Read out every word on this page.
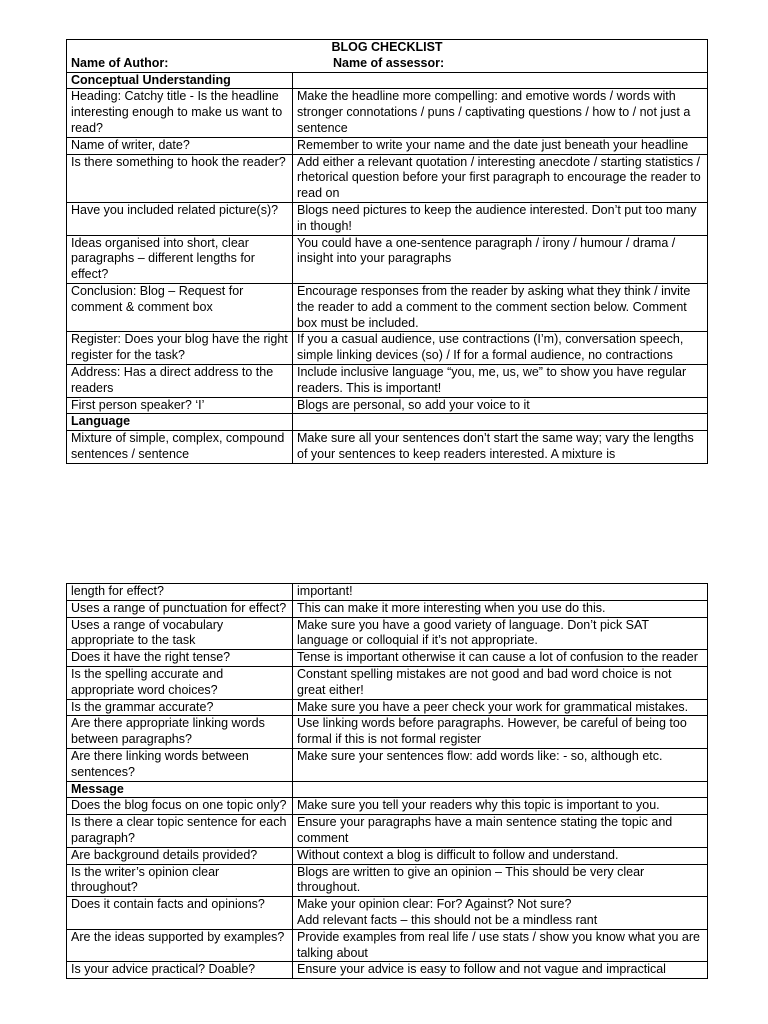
BLOG CHECKLIST
Name of Author: Name of assessor:	

Conceptual Understanding	
Heading: Catchy title - Is the headline interesting enough to make us want to read?	Make the headline more compelling: and emotive words / words with stronger connotations / puns / captivating questions / how to / not just a sentence
Name of writer, date?	Remember to write your name and the date just beneath your headline
Is there something to hook the reader?	Add either a relevant quotation / interesting anecdote / starting statistics / rhetorical question before your first paragraph to encourage the reader to read on
Have you included related picture(s)?	Blogs need pictures to keep the audience interested. Don’t put too many in though!
Ideas organised into short, clear paragraphs – different lengths for effect?	You could have a one-sentence paragraph / irony / humour / drama / insight into your paragraphs
Conclusion: Blog – Request for comment & comment box	Encourage responses from the reader by asking what they think / invite the reader to add a comment to the comment section below. Comment box must be included.
Register: Does your blog have the right register for the task?	If you a casual audience, use contractions (I’m), conversation speech, simple linking devices (so) / If for a formal audience, no contractions
Address: Has a direct address to the readers	Include inclusive language “you, me, us, we” to show you have regular readers. This is important!
First person speaker? ‘I’	Blogs are personal, so add your voice to it
Language	
Mixture of simple, complex, compound sentences / sentence	Make sure all your sentences don’t start the same way; vary the lengths of your sentences to keep readers interested. A mixture is
length for effect?	important!
Uses a range of punctuation for effect?	This can make it more interesting when you use do this.
Uses a range of vocabulary appropriate to the task	Make sure you have a good variety of language. Don’t pick SAT language or colloquial if it’s not appropriate.
Does it have the right tense?	Tense is important otherwise it can cause a lot of confusion to the reader
Is the spelling accurate and appropriate word choices?	Constant spelling mistakes are not good and bad word choice is not great either!
Is the grammar accurate?	Make sure you have a peer check your work for grammatical mistakes.
Are there appropriate linking words between paragraphs?	Use linking words before paragraphs. However, be careful of being too formal if this is not formal register
Are there linking words between sentences?	Make sure your sentences flow: add words like: - so, although etc.
Message	
Does the blog focus on one topic only?	Make sure you tell your readers why this topic is important to you.
Is there a clear topic sentence for each paragraph?	Ensure your paragraphs have a main sentence stating the topic and comment
Are background details provided?	Without context a blog is difficult to follow and understand.
Is the writer’s opinion clear throughout?	Blogs are written to give an opinion – This should be very clear throughout.
Does it contain facts and opinions?	Make your opinion clear: For? Against? Not sure?
Add relevant facts – this should not be a mindless rant
Are the ideas supported by examples?	Provide examples from real life / use stats / show you know what you are talking about
Is your advice practical? Doable?	Ensure your advice is easy to follow and not vague and impractical
